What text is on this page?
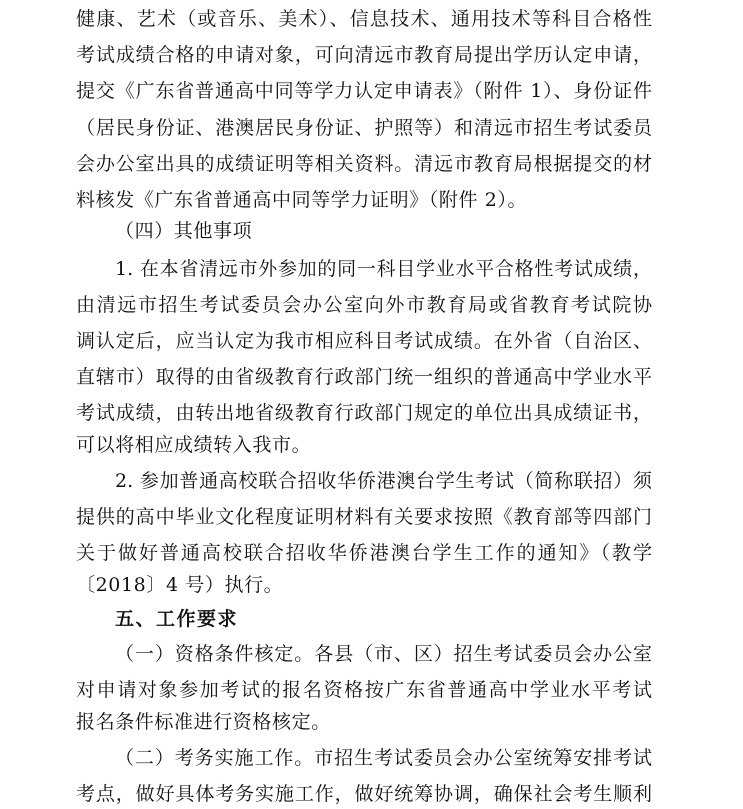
健康、艺术（或音乐、美术）、信息技术、通用技术等科目合格性
考试成绩合格的申请对象，可向清远市教育局提出学历认定申请，
提交《广东省普通高中同等学力认定申请表》（附件 1）、身份证件
（居民身份证、港澳居民身份证、护照等）和清远市招生考试委员
会办公室出具的成绩证明等相关资料。清远市教育局根据提交的材
料核发《广东省普通高中同等学力证明》（附件 2）。
（四）其他事项
1. 在本省清远市外参加的同一科目学业水平合格性考试成绩，
由清远市招生考试委员会办公室向外市教育局或省教育考试院协
调认定后，应当认定为我市相应科目考试成绩。在外省（自治区、
直辖市）取得的由省级教育行政部门统一组织的普通高中学业水平
考试成绩，由转出地省级教育行政部门规定的单位出具成绩证书，
可以将相应成绩转入我市。
2. 参加普通高校联合招收华侨港澳台学生考试（简称联招）须
提供的高中毕业文化程度证明材料有关要求按照《教育部等四部门
关于做好普通高校联合招收华侨港澳台学生工作的通知》（教学
〔2018〕4 号）执行。
五、工作要求
（一）资格条件核定。各县（市、区）招生考试委员会办公室
对申请对象参加考试的报名资格按广东省普通高中学业水平考试
报名条件标准进行资格核定。
（二）考务实施工作。市招生考试委员会办公室统筹安排考试
考点，做好具体考务实施工作，做好统筹协调，确保社会考生顺利
